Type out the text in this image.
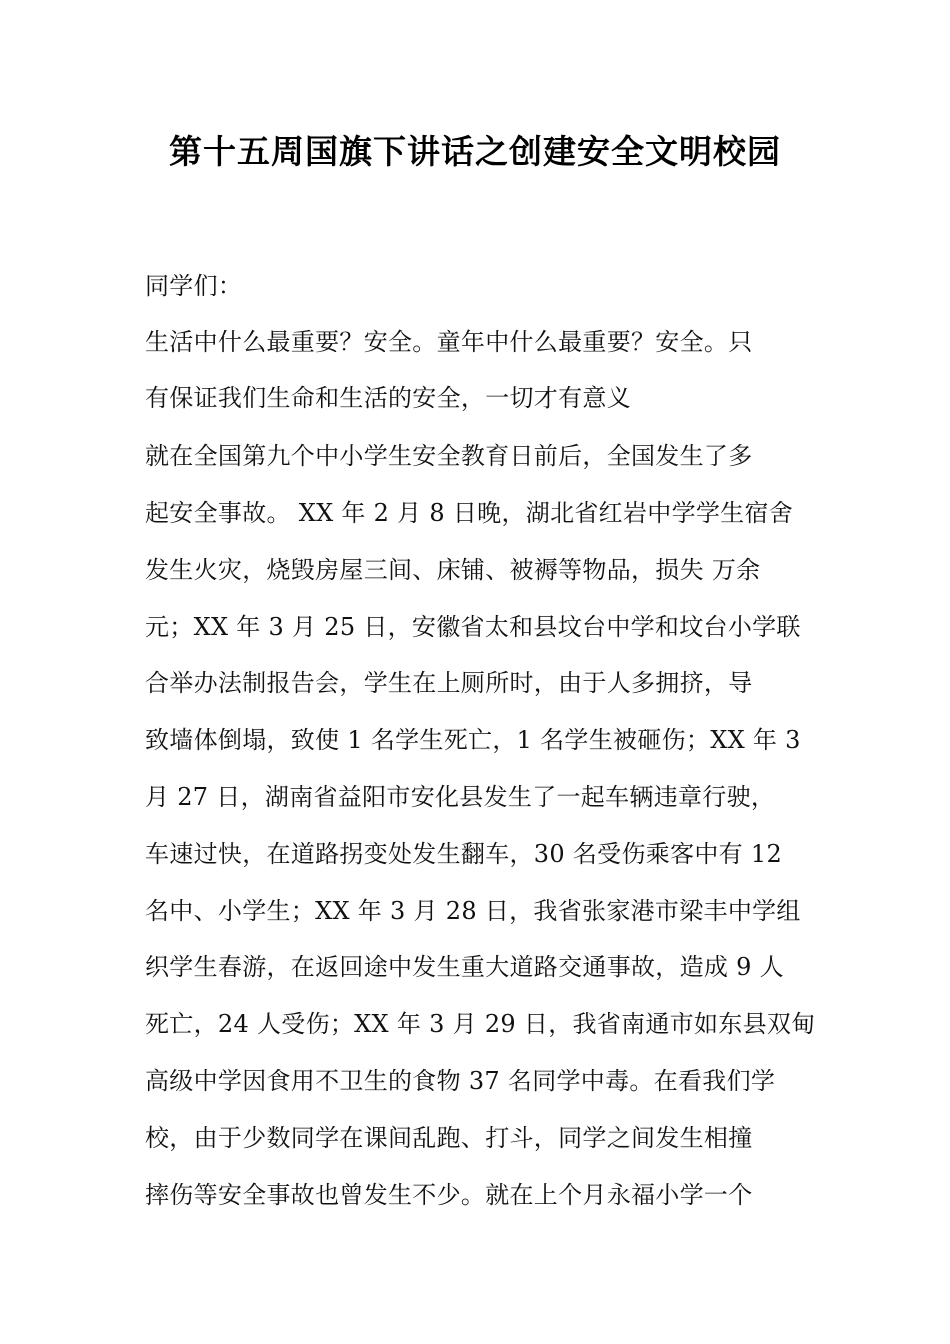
第十五周国旗下讲话之创建安全文明校园
同学们：
生活中什么最重要？安全。童年中什么最重要？安全。只
有保证我们生命和生活的安全，一切才有意义
就在全国第九个中小学生安全教育日前后，全国发生了多
起安全事故。 XX 年 2 月 8 日晚，湖北省红岩中学学生宿舍
发生火灾，烧毁房屋三间、床铺、被褥等物品，损失 万余
元；XX 年 3 月 25 日，安徽省太和县坟台中学和坟台小学联
合举办法制报告会，学生在上厕所时，由于人多拥挤，导
致墙体倒塌，致使 1 名学生死亡，1 名学生被砸伤；XX 年 3
月 27 日，湖南省益阳市安化县发生了一起车辆违章行驶，
车速过快，在道路拐变处发生翻车，30 名受伤乘客中有 12
名中、小学生；XX 年 3 月 28 日，我省张家港市梁丰中学组
织学生春游，在返回途中发生重大道路交通事故，造成 9 人
死亡，24 人受伤；XX 年 3 月 29 日，我省南通市如东县双甸
高级中学因食用不卫生的食物 37 名同学中毒。在看我们学
校，由于少数同学在课间乱跑、打斗，同学之间发生相撞
摔伤等安全事故也曾发生不少。就在上个月永福小学一个
